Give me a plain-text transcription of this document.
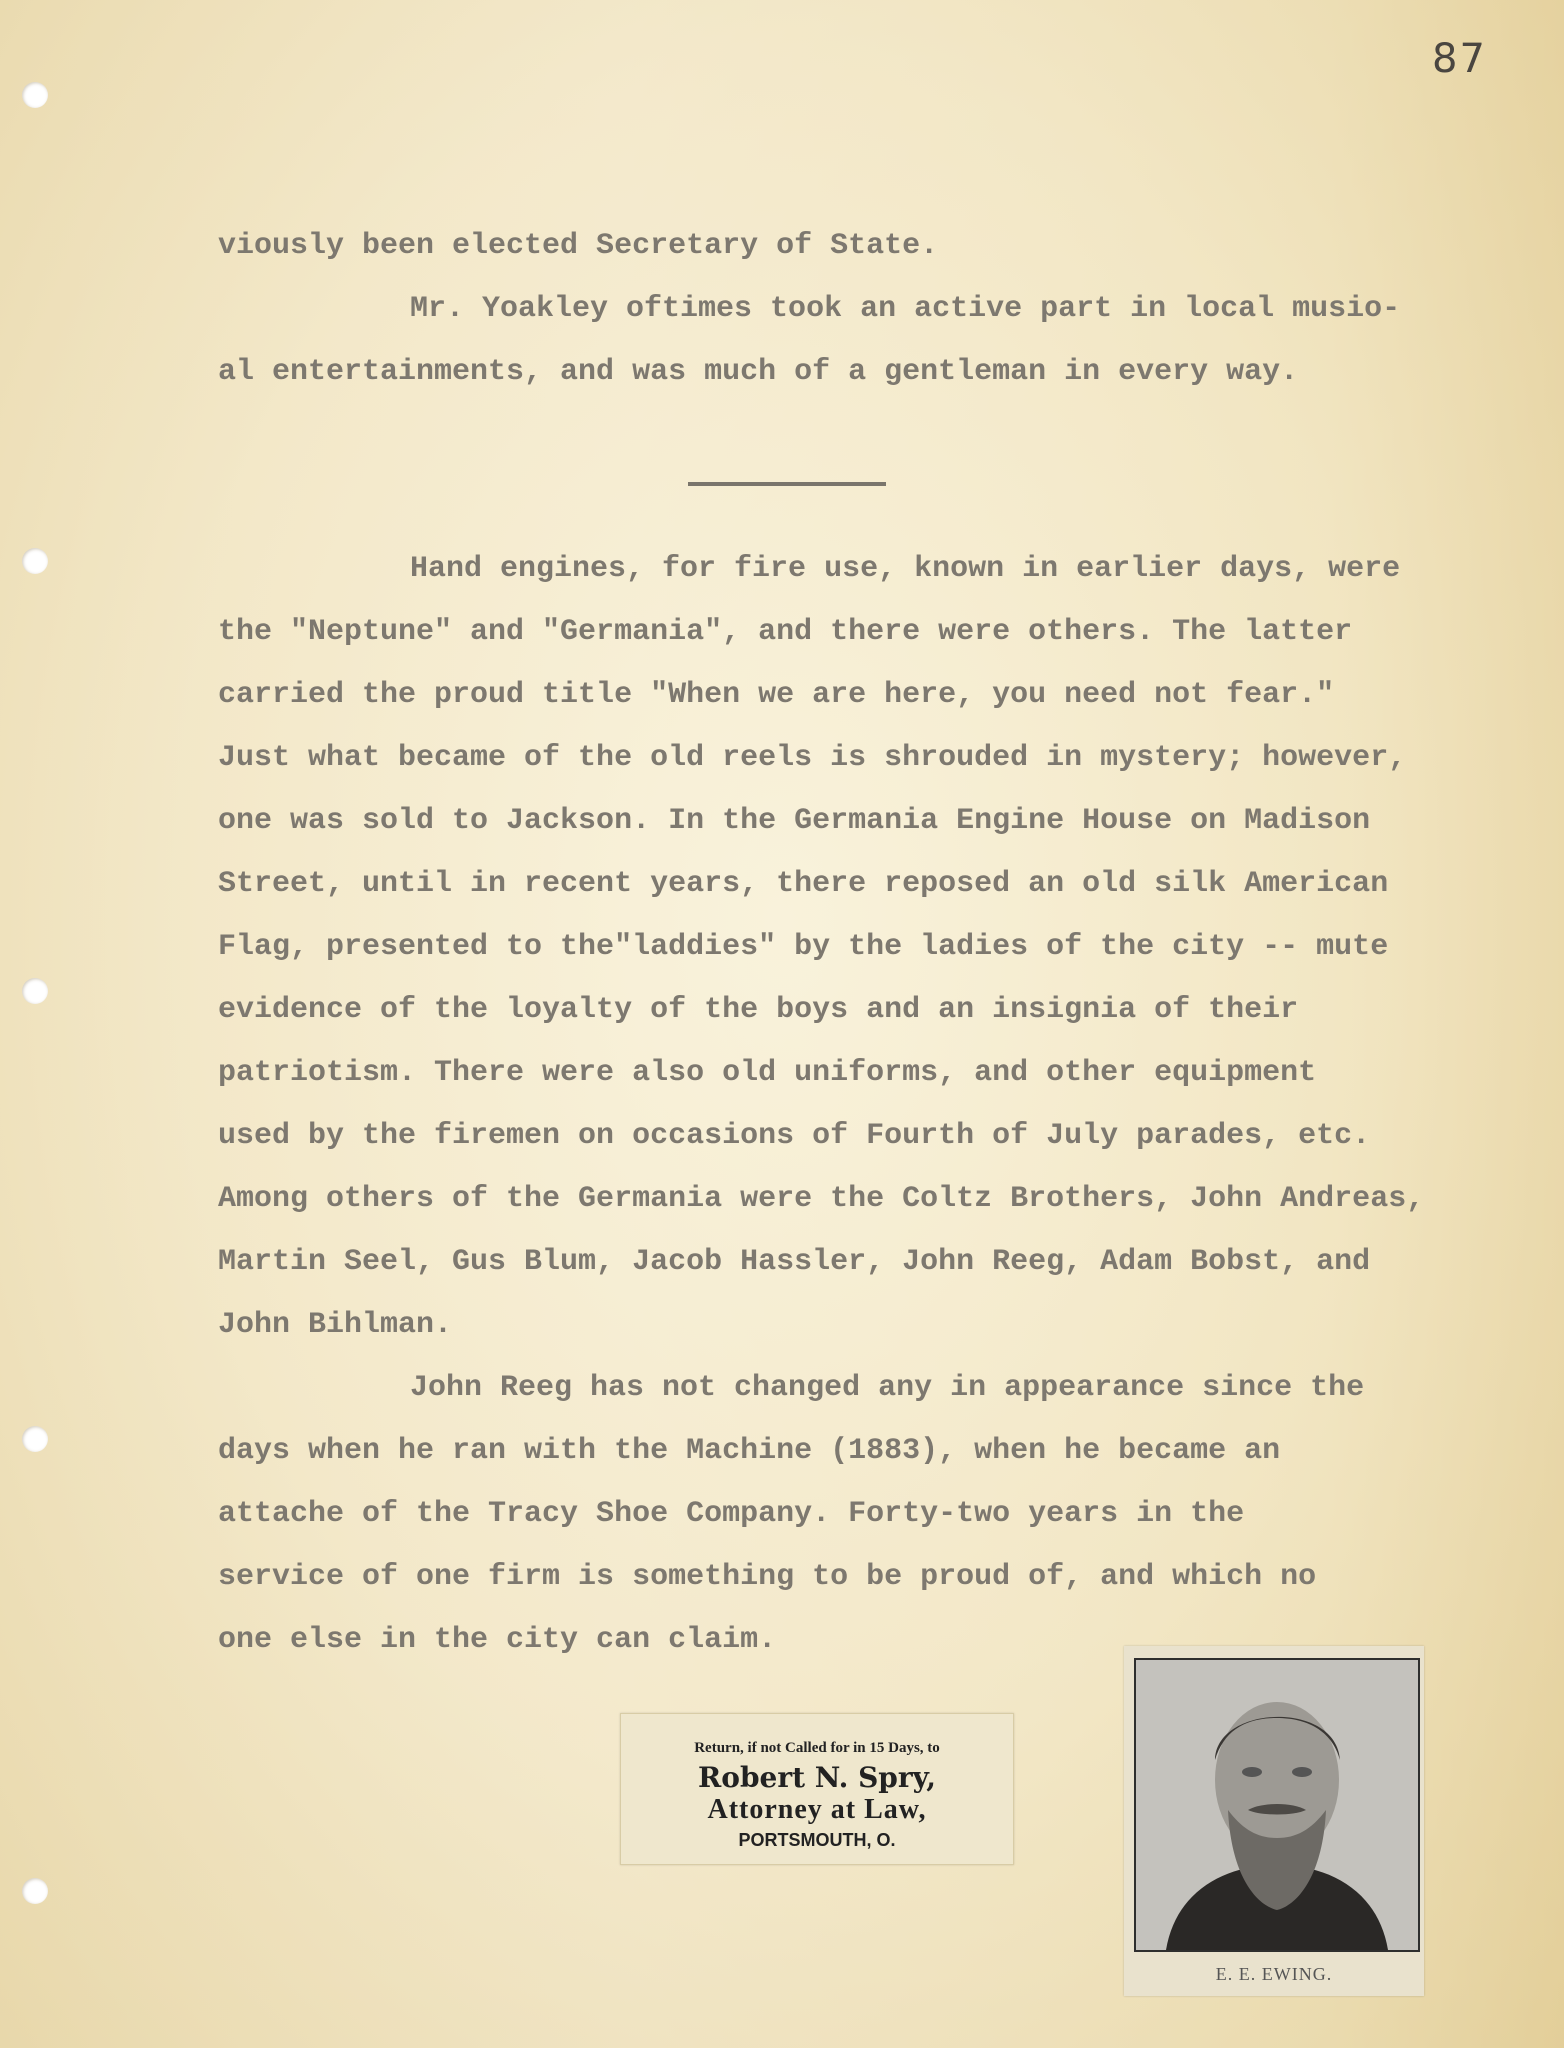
87
viously been elected Secretary of State.
Mr. Yoakley oftimes took an active part in local musio-
al entertainments, and was much of a gentleman in every way.
Hand engines, for fire use, known in earlier days, were
the "Neptune" and "Germania", and there were others. The latter
carried the proud title "When we are here, you need not fear."
Just what became of the old reels is shrouded in mystery; however,
one was sold to Jackson. In the Germania Engine House on Madison
Street, until in recent years, there reposed an old silk American
Flag, presented to the"laddies" by the ladies of the city -- mute
evidence of the loyalty of the boys and an insignia of their
patriotism. There were also old uniforms, and other equipment
used by the firemen on occasions of Fourth of July parades, etc.
Among others of the Germania were the Coltz Brothers, John Andreas,
Martin Seel, Gus Blum, Jacob Hassler, John Reeg, Adam Bobst, and
John Bihlman.
John Reeg has not changed any in appearance since the
days when he ran with the Machine (1883), when he became an
attache of the Tracy Shoe Company. Forty-two years in the
service of one firm is something to be proud of, and which no
one else in the city can claim.
Return, if not Called for in 15 Days, to
Robert N. Spry,
Attorney at Law,
PORTSMOUTH, O.
E. E. EWING.
